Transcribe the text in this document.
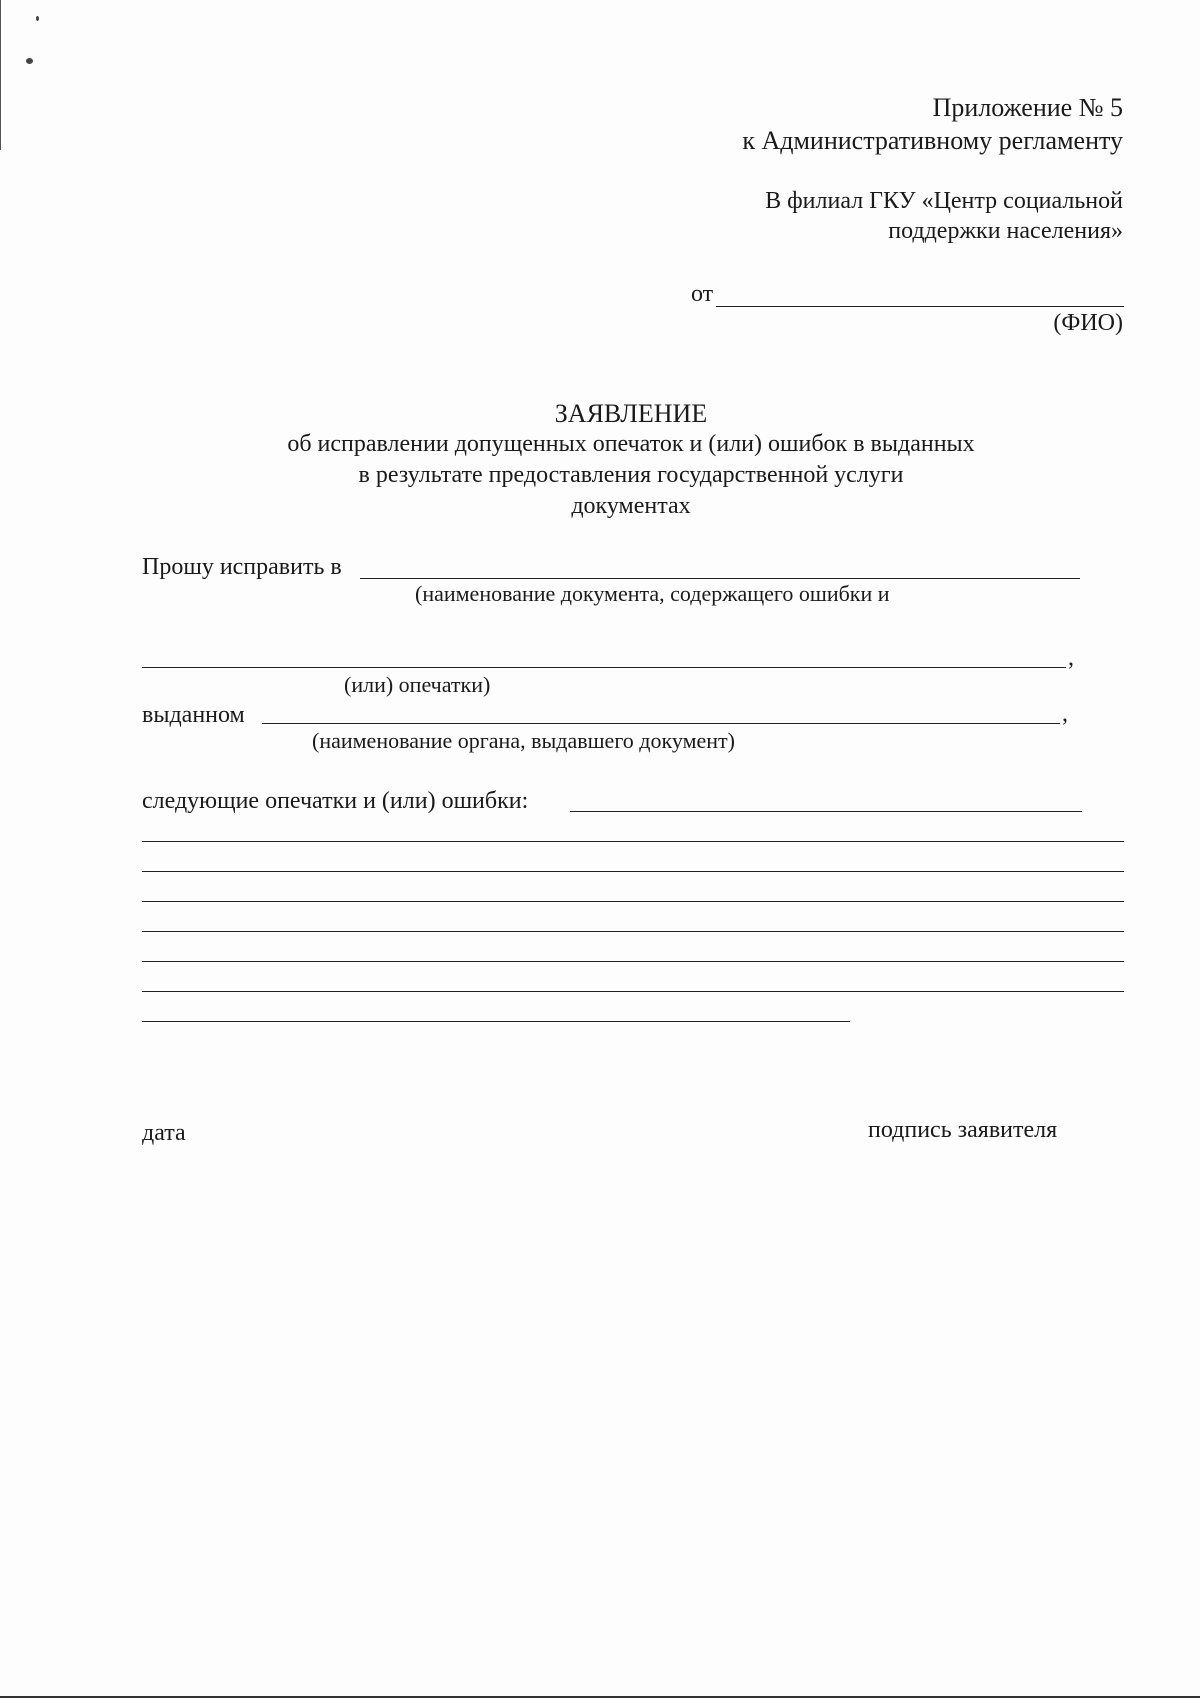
Приложение № 5
к Административному регламенту
В филиал ГКУ «Центр социальной
поддержки населения»
от
(ФИО)
ЗАЯВЛЕНИЕ
об исправлении допущенных опечаток и (или) ошибок в выданных
в результате предоставления государственной услуги
документах
Прошу исправить в
(наименование документа, содержащего ошибки и
,
(или) опечатки)
выданном	,
(наименование органа, выдавшего документ)
следующие опечатки и (или) ошибки:
дата	подпись заявителя
